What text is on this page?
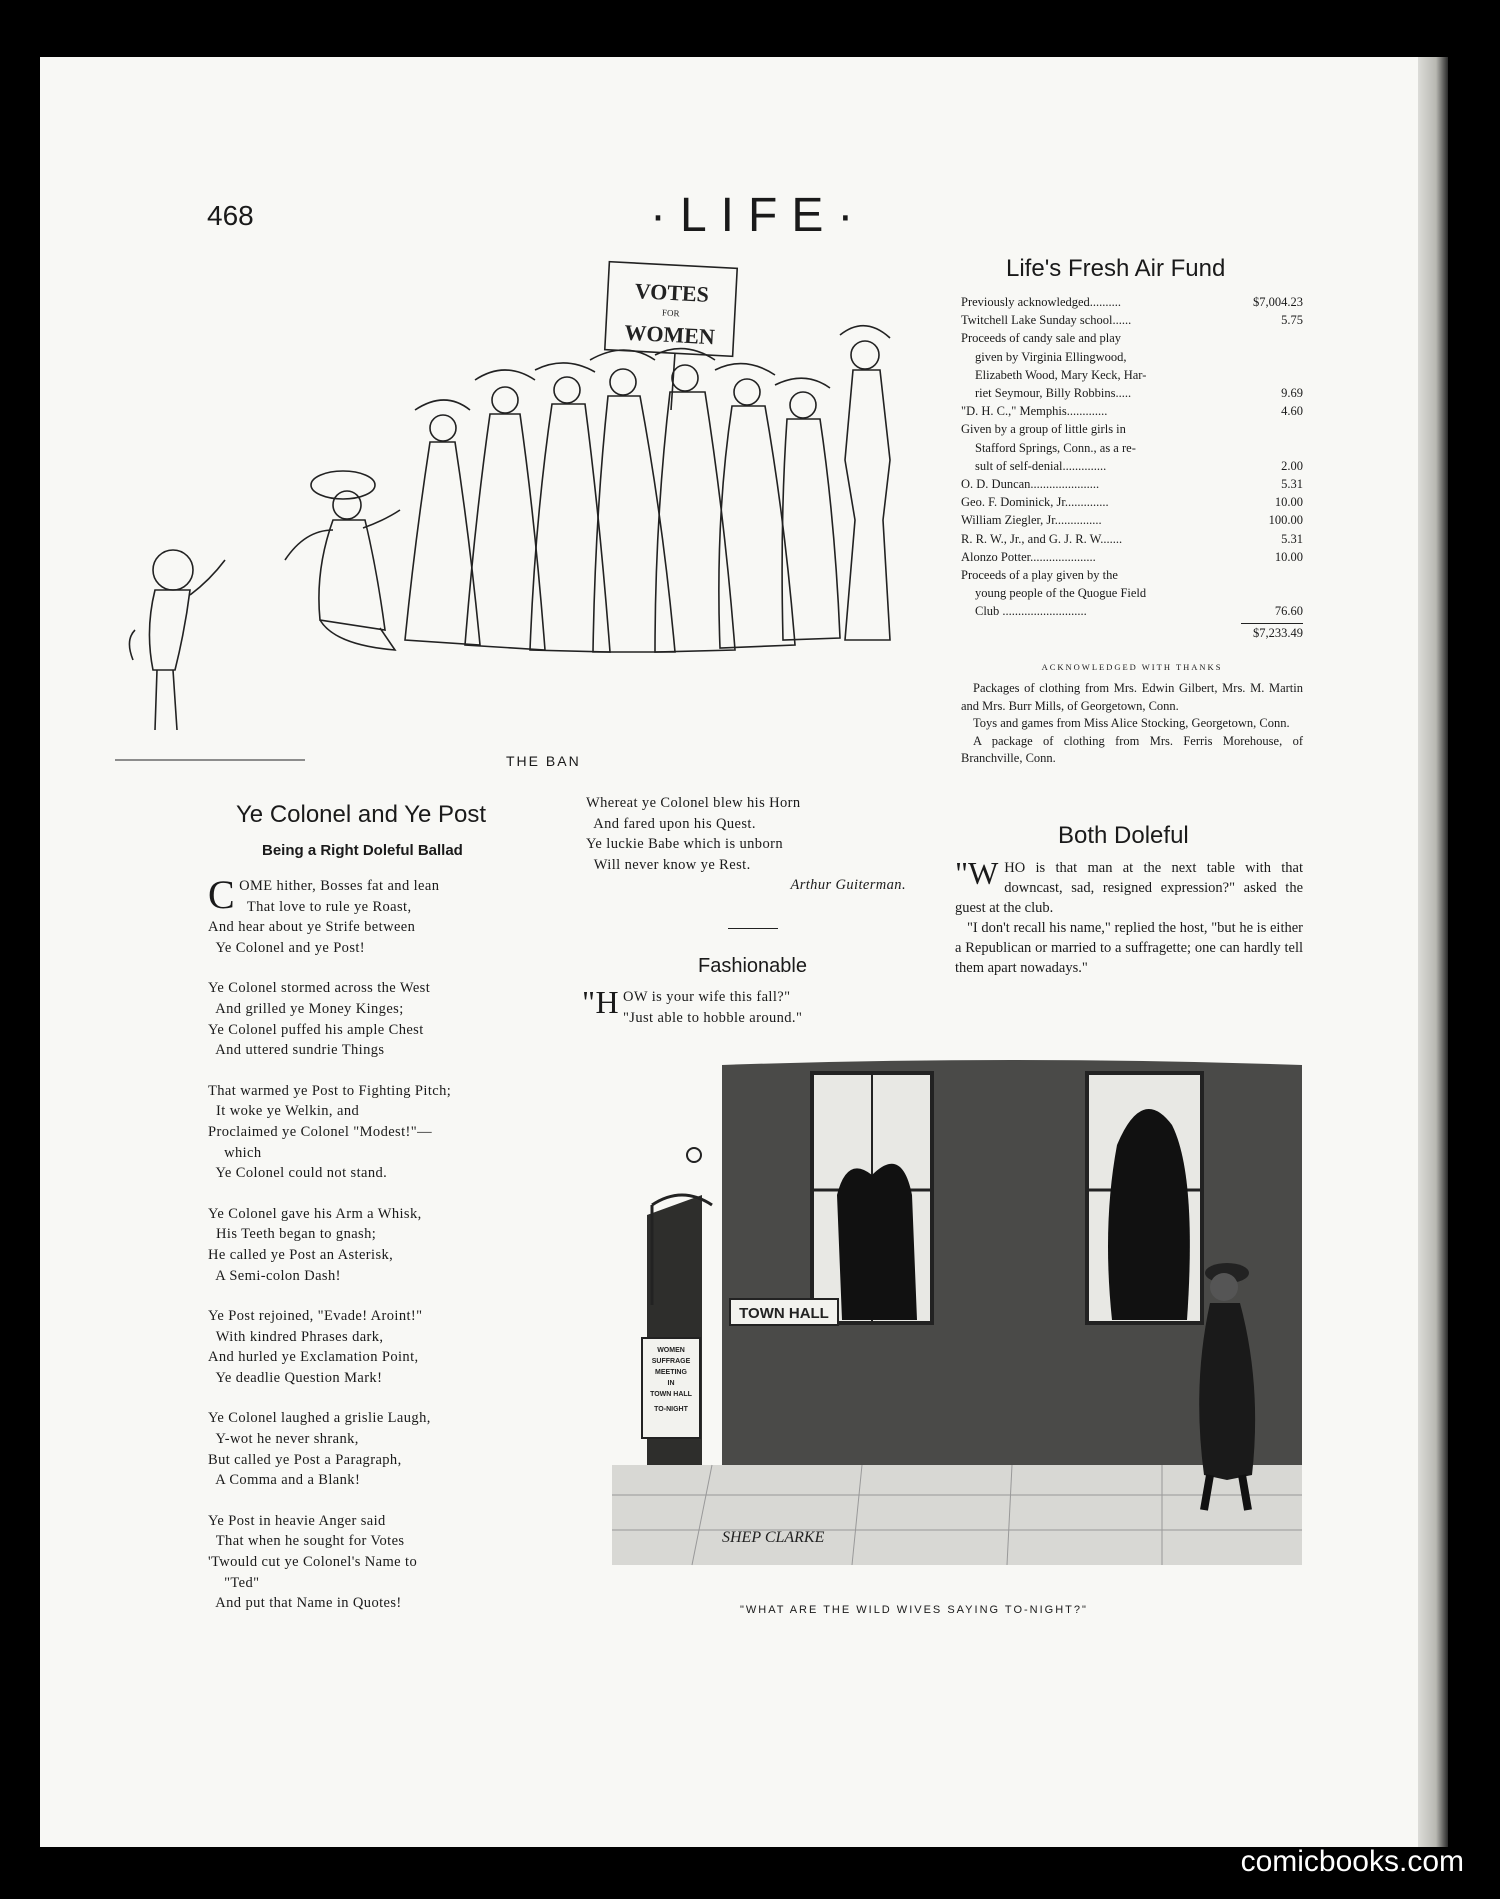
468	·LIFE·
VOTES
FOR
WOMEN
THE BAN
Ye Colonel and Ye Post
Being a Right Doleful Ballad
C OME hither, Bosses fat and lean
That love to rule ye Roast,
And hear about ye Strife between
Ye Colonel and ye Post!
Ye Colonel stormed across the West
And grilled ye Money Kinges;
Ye Colonel puffed his ample Chest
And uttered sundrie Things
That warmed ye Post to Fighting Pitch;
It woke ye Welkin, and
Proclaimed ye Colonel "Modest!"—
which
Ye Colonel could not stand.
Ye Colonel gave his Arm a Whisk,
His Teeth began to gnash;
He called ye Post an Asterisk,
A Semi-colon Dash!
Ye Post rejoined, "Evade! Aroint!"
With kindred Phrases dark,
And hurled ye Exclamation Point,
Ye deadlie Question Mark!
Ye Colonel laughed a grislie Laugh,
Y-wot he never shrank,
But called ye Post a Paragraph,
A Comma and a Blank!
Ye Post in heavie Anger said
That when he sought for Votes
'Twould cut ye Colonel's Name to
"Ted"
And put that Name in Quotes!
Whereat ye Colonel blew his Horn
And fared upon his Quest.
Ye luckie Babe which is unborn
Will never know ye Rest.
Arthur Guiterman.
Fashionable
"H OW is your wife this fall?"
"Just able to hobble around."
Life's Fresh Air Fund
Previously acknowledged..........	$7,004.23
Twitchell Lake Sunday school......	5.75
Proceeds of candy sale and play
given by Virginia Ellingwood,
Elizabeth Wood, Mary Keck, Har-
riet Seymour, Billy Robbins.....	9.69
"D. H. C.," Memphis.............	4.60
Given by a group of little girls in
Stafford Springs, Conn., as a re-
sult of self-denial..............	2.00
O. D. Duncan......................	5.31
Geo. F. Dominick, Jr..............	10.00
William Ziegler, Jr...............	100.00
R. R. W., Jr., and G. J. R. W.......	5.31
Alonzo Potter.....................	10.00
Proceeds of a play given by the
young people of the Quogue Field
Club ...........................	76.60
$7,233.49
ACKNOWLEDGED WITH THANKS
Packages of clothing from Mrs. Edwin Gilbert, Mrs. M. Martin and Mrs. Burr Mills, of Georgetown, Conn.
Toys and games from Miss Alice Stocking, Georgetown, Conn.
A package of clothing from Mrs. Ferris Morehouse, of Branchville, Conn.
Both Doleful
"W HO is that man at the next table with that downcast, sad, resigned expression?" asked the guest at the club.
"I don't recall his name," replied the host, "but he is either a Republican or married to a suffragette; one can hardly tell them apart nowadays."
TOWN HALL
WOMEN
SUFFRAGE
MEETING
IN
TOWN HALL
TO-NIGHT
SHEP CLARKE
"WHAT ARE THE WILD WIVES SAYING TO-NIGHT?"
comicbooks.com
